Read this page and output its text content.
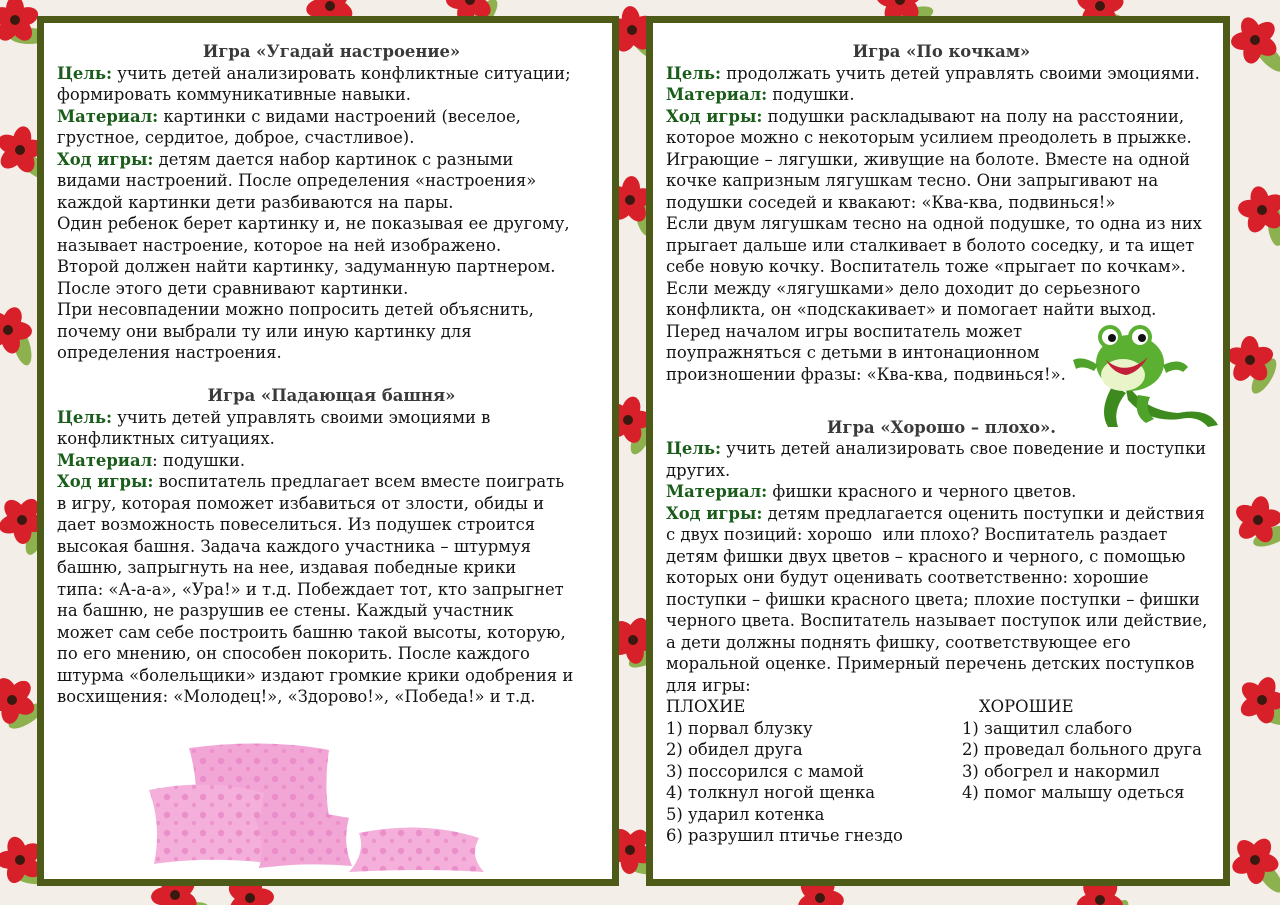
Игра «Угадай настроение»
Цель: учить детей анализировать конфликтные ситуации;
формировать коммуникативные навыки.
Материал: картинки с видами настроений (веселое,
грустное, сердитое, доброе, счастливое).
Ход игры: детям дается набор картинок с разными
видами настроений. После определения «настроения»
каждой картинки дети разбиваются на пары.
Один ребенок берет картинку и, не показывая ее другому,
называет настроение, которое на ней изображено.
Второй должен найти картинку, задуманную партнером.
После этого дети сравнивают картинки.
При несовпадении можно попросить детей объяснить,
почему они выбрали ту или иную картинку для
определения настроения.
Игра «Падающая башня»
Цель: учить детей управлять своими эмоциями в
конфликтных ситуациях.
Материал: подушки.
Ход игры: воспитатель предлагает всем вместе поиграть
в игру, которая поможет избавиться от злости, обиды и
дает возможность повеселиться. Из подушек строится
высокая башня. Задача каждого участника – штурмуя
башню, запрыгнуть на нее, издавая победные крики
типа: «А-а-а», «Ура!» и т.д. Побеждает тот, кто запрыгнет
на башню, не разрушив ее стены. Каждый участник
может сам себе построить башню такой высоты, которую,
по его мнению, он способен покорить. После каждого
штурма «болельщики» издают громкие крики одобрения и
восхищения: «Молодец!», «Здорово!», «Победа!» и т.д.
Игра «По кочкам»
Цель: продолжать учить детей управлять своими эмоциями.
Материал: подушки.
Ход игры: подушки раскладывают на полу на расстоянии,
которое можно с некоторым усилием преодолеть в прыжке.
Играющие – лягушки, живущие на болоте. Вместе на одной
кочке капризным лягушкам тесно. Они запрыгивают на
подушки соседей и квакают: «Ква-ква, подвинься!»
Если двум лягушкам тесно на одной подушке, то одна из них
прыгает дальше или сталкивает в болото соседку, и та ищет
себе новую кочку. Воспитатель тоже «прыгает по кочкам».
Если между «лягушками» дело доходит до серьезного
конфликта, он «подскакивает» и помогает найти выход.
Перед началом игры воспитатель может
поупражняться с детьми в интонационном
произношении фразы: «Ква-ква, подвинься!».
Игра «Хорошо – плохо».
Цель: учить детей анализировать свое поведение и поступки
других.
Материал: фишки красного и черного цветов.
Ход игры: детям предлагается оценить поступки и действия
с двух позиций: хорошо  или плохо? Воспитатель раздает
детям фишки двух цветов – красного и черного, с помощью
которых они будут оценивать соответственно: хорошие
поступки – фишки красного цвета; плохие поступки – фишки
черного цвета. Воспитатель называет поступок или действие,
а дети должны поднять фишку, соответствующее его
моральной оценке. Примерный перечень детских поступков
для игры:
ПЛОХИЕ
1) порвал блузку
2) обидел друга
3) поссорился с мамой
4) толкнул ногой щенка
5) ударил котенка
6) разрушил птичье гнездо
ХОРОШИЕ
1) защитил слабого
2) проведал больного друга
3) обогрел и накормил
4) помог малышу одеться
